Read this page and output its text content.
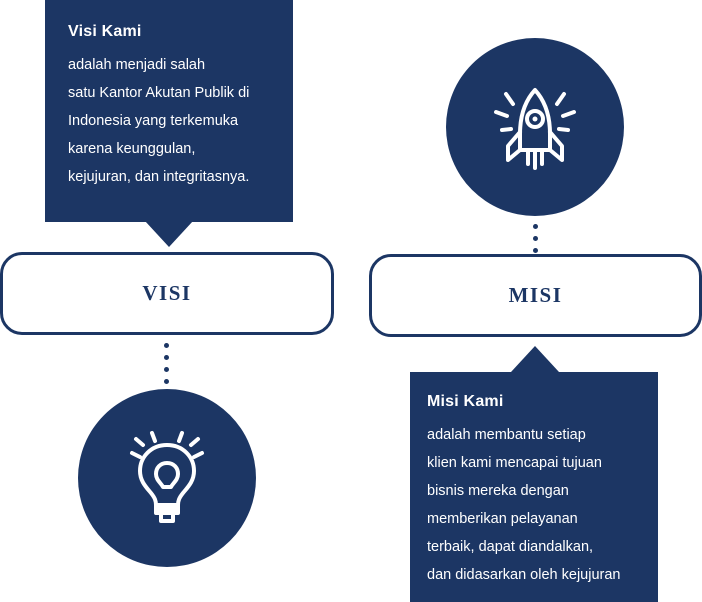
Visi Kami
adalah menjadi salah
satu Kantor Akutan Publik di
Indonesia yang terkemuka
karena keunggulan,
kejujuran, dan integritasnya.
Misi Kami
adalah membantu setiap
klien kami mencapai tujuan
bisnis mereka dengan
memberikan pelayanan
terbaik, dapat diandalkan,
dan didasarkan oleh kejujuran
VISI	MISI
